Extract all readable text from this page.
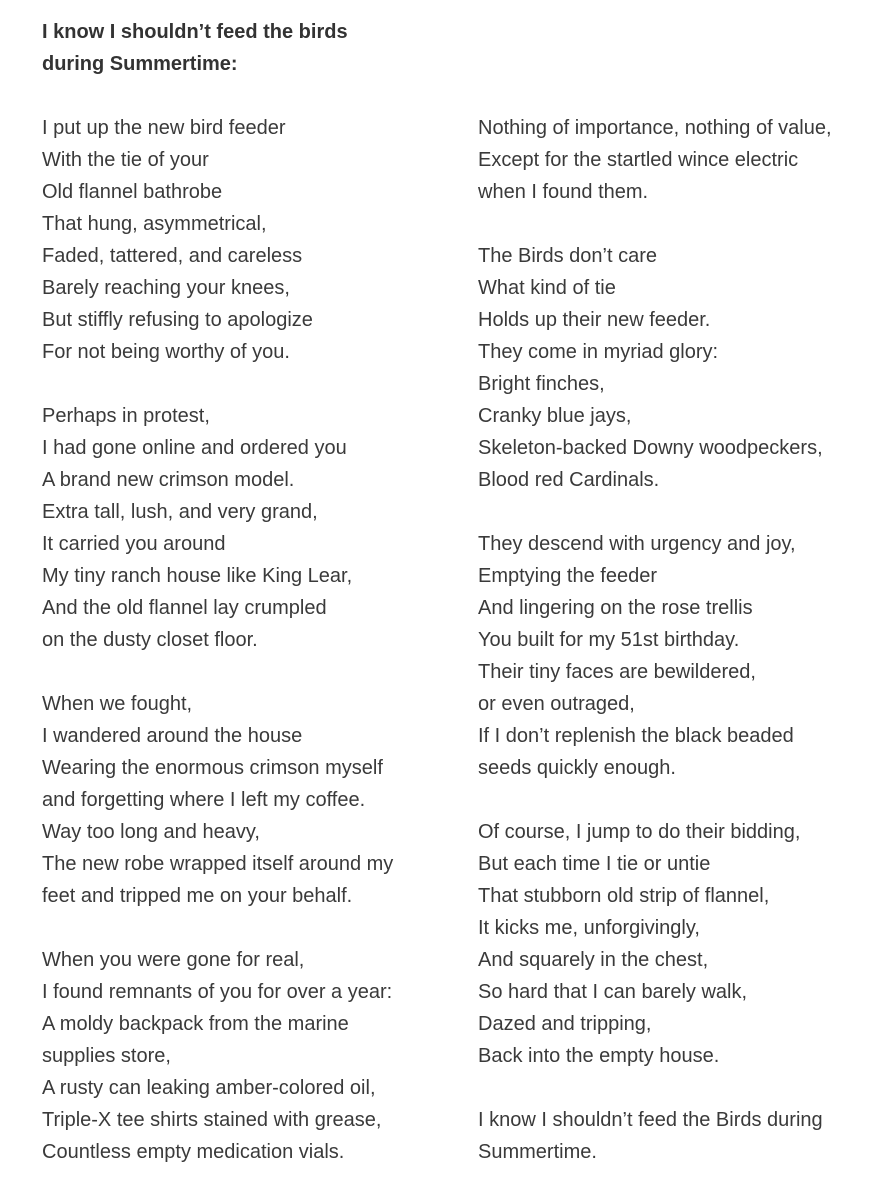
I know I shouldn’t feed the birds
during Summertime:
I put up the new bird feeder
With the tie of your
Old flannel bathrobe
That hung, asymmetrical,
Faded, tattered, and careless
Barely reaching your knees,
But stiffly refusing to apologize
For not being worthy of you.
Perhaps in protest,
I had gone online and ordered you
A brand new crimson model.
Extra tall, lush, and very grand,
It carried you around
My tiny ranch house like King Lear,
And the old flannel lay crumpled
on the dusty closet floor.
When we fought,
I wandered around the house
Wearing the enormous crimson myself
and forgetting where I left my coffee.
Way too long and heavy,
The new robe wrapped itself around my
feet and tripped me on your behalf.
When you were gone for real,
I found remnants of you for over a year:
A moldy backpack from the marine
supplies store,
A rusty can leaking amber-colored oil,
Triple-X tee shirts stained with grease,
Countless empty medication vials.
Nothing of importance, nothing of value,
Except for the startled wince electric
when I found them.
The Birds don’t care
What kind of tie
Holds up their new feeder.
They come in myriad glory:
Bright finches,
Cranky blue jays,
Skeleton-backed Downy woodpeckers,
Blood red Cardinals.
They descend with urgency and joy,
Emptying the feeder
And lingering on the rose trellis
You built for my 51st birthday.
Their tiny faces are bewildered,
or even outraged,
If I don’t replenish the black beaded
seeds quickly enough.
Of course, I jump to do their bidding,
But each time I tie or untie
That stubborn old strip of flannel,
It kicks me, unforgivingly,
And squarely in the chest,
So hard that I can barely walk,
Dazed and tripping,
Back into the empty house.
I know I shouldn’t feed the Birds during
Summertime.
